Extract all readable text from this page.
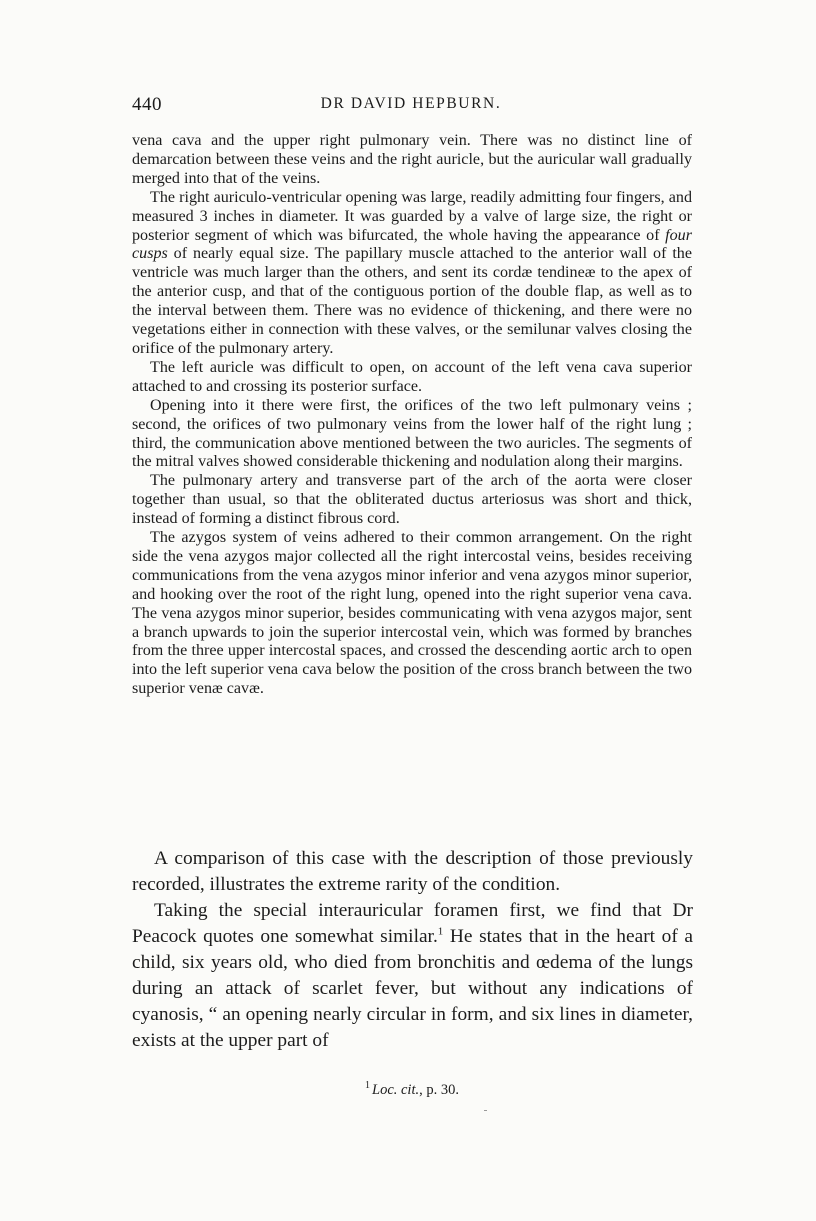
440	DR DAVID HEPBURN.

vena cava and the upper right pulmonary vein. There was no distinct line of demarcation between these veins and the right auricle, but the auricular wall gradually merged into that of the veins.

The right auriculo-ventricular opening was large, readily admitting four fingers, and measured 3 inches in diameter. It was guarded by a valve of large size, the right or posterior segment of which was bifurcated, the whole having the appearance of four cusps of nearly equal size. The papillary muscle attached to the anterior wall of the ventricle was much larger than the others, and sent its cordæ tendineæ to the apex of the anterior cusp, and that of the contiguous portion of the double flap, as well as to the interval between them. There was no evidence of thickening, and there were no vegetations either in connection with these valves, or the semilunar valves closing the orifice of the pulmonary artery.

The left auricle was difficult to open, on account of the left vena cava superior attached to and crossing its posterior surface.

Opening into it there were first, the orifices of the two left pulmonary veins ; second, the orifices of two pulmonary veins from the lower half of the right lung ; third, the communication above mentioned between the two auricles. The segments of the mitral valves showed considerable thickening and nodulation along their margins.

The pulmonary artery and transverse part of the arch of the aorta were closer together than usual, so that the obliterated ductus arteriosus was short and thick, instead of forming a distinct fibrous cord.

The azygos system of veins adhered to their common arrangement. On the right side the vena azygos major collected all the right intercostal veins, besides receiving communications from the vena azygos minor inferior and vena azygos minor superior, and hooking over the root of the right lung, opened into the right superior vena cava. The vena azygos minor superior, besides communicating with vena azygos major, sent a branch upwards to join the superior intercostal vein, which was formed by branches from the three upper intercostal spaces, and crossed the descending aortic arch to open into the left superior vena cava below the position of the cross branch between the two superior venæ cavæ.

A comparison of this case with the description of those previously recorded, illustrates the extreme rarity of the condition.

Taking the special interauricular foramen first, we find that Dr Peacock quotes one somewhat similar.$^1$ He states that in the heart of a child, six years old, who died from bronchitis and œdema of the lungs during an attack of scarlet fever, but without any indications of cyanosis, “ an opening nearly circular in form, and six lines in diameter, exists at the upper part of

$^1$ Loc. cit., p. 30.
